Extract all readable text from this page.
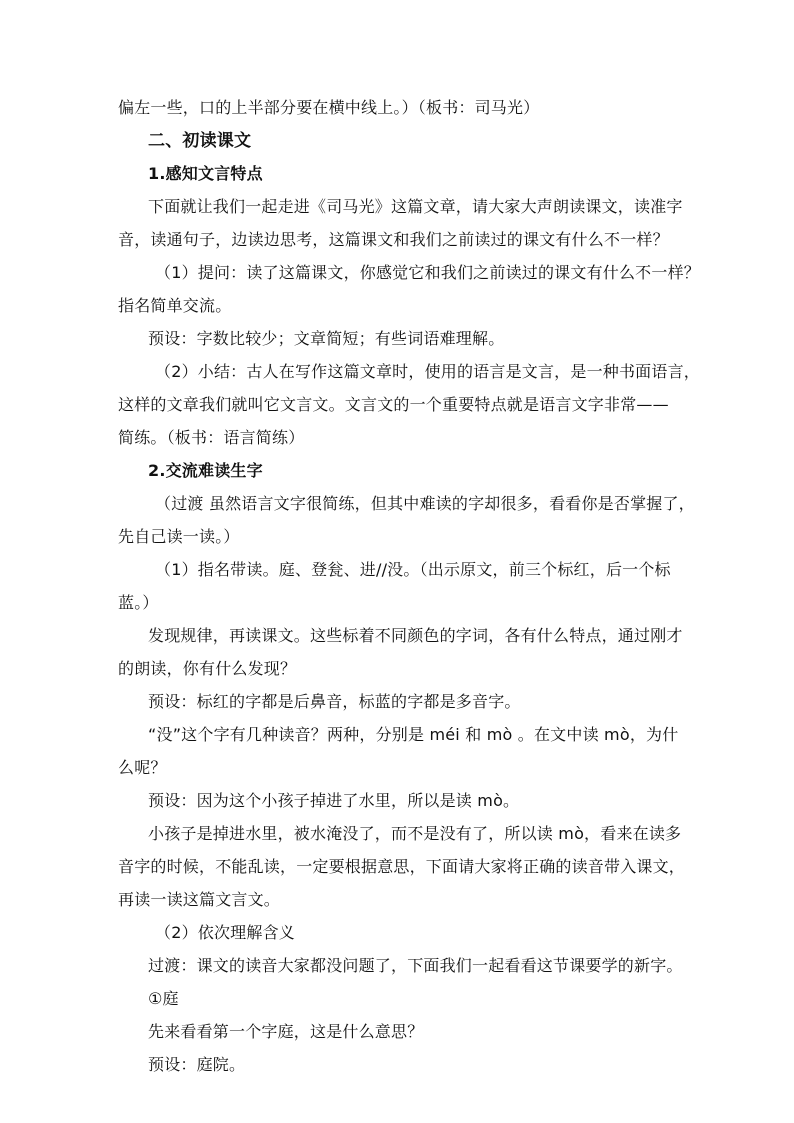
偏左一些，口的上半部分要在横中线上。）（板书：司马光）
二、初读课文
1.感知文言特点
下面就让我们一起走进《司马光》这篇文章，请大家大声朗读课文，读准字
音，读通句子，边读边思考，这篇课文和我们之前读过的课文有什么不一样？
（1）提问：读了这篇课文，你感觉它和我们之前读过的课文有什么不一样？
指名简单交流。
预设：字数比较少；文章简短；有些词语难理解。
（2）小结：古人在写作这篇文章时，使用的语言是文言，是一种书面语言，
这样的文章我们就叫它文言文。文言文的一个重要特点就是语言文字非常——
简练。（板书：语言简练）
2.交流难读生字
（过渡 虽然语言文字很简练，但其中难读的字却很多，看看你是否掌握了，
先自己读一读。）
（1）指名带读。庭、登瓮、进//没。（出示原文，前三个标红，后一个标
蓝。）
发现规律，再读课文。这些标着不同颜色的字词，各有什么特点，通过刚才
的朗读，你有什么发现？
预设：标红的字都是后鼻音，标蓝的字都是多音字。
“没”这个字有几种读音？两种，分别是 méi 和 mò 。在文中读 mò，为什
么呢？
预设：因为这个小孩子掉进了水里，所以是读 mò。
小孩子是掉进水里，被水淹没了，而不是没有了，所以读 mò，看来在读多
音字的时候，不能乱读，一定要根据意思，下面请大家将正确的读音带入课文，
再读一读这篇文言文。
（2）依次理解含义
过渡：课文的读音大家都没问题了，下面我们一起看看这节课要学的新字。
①庭
先来看看第一个字庭，这是什么意思？
预设：庭院。
